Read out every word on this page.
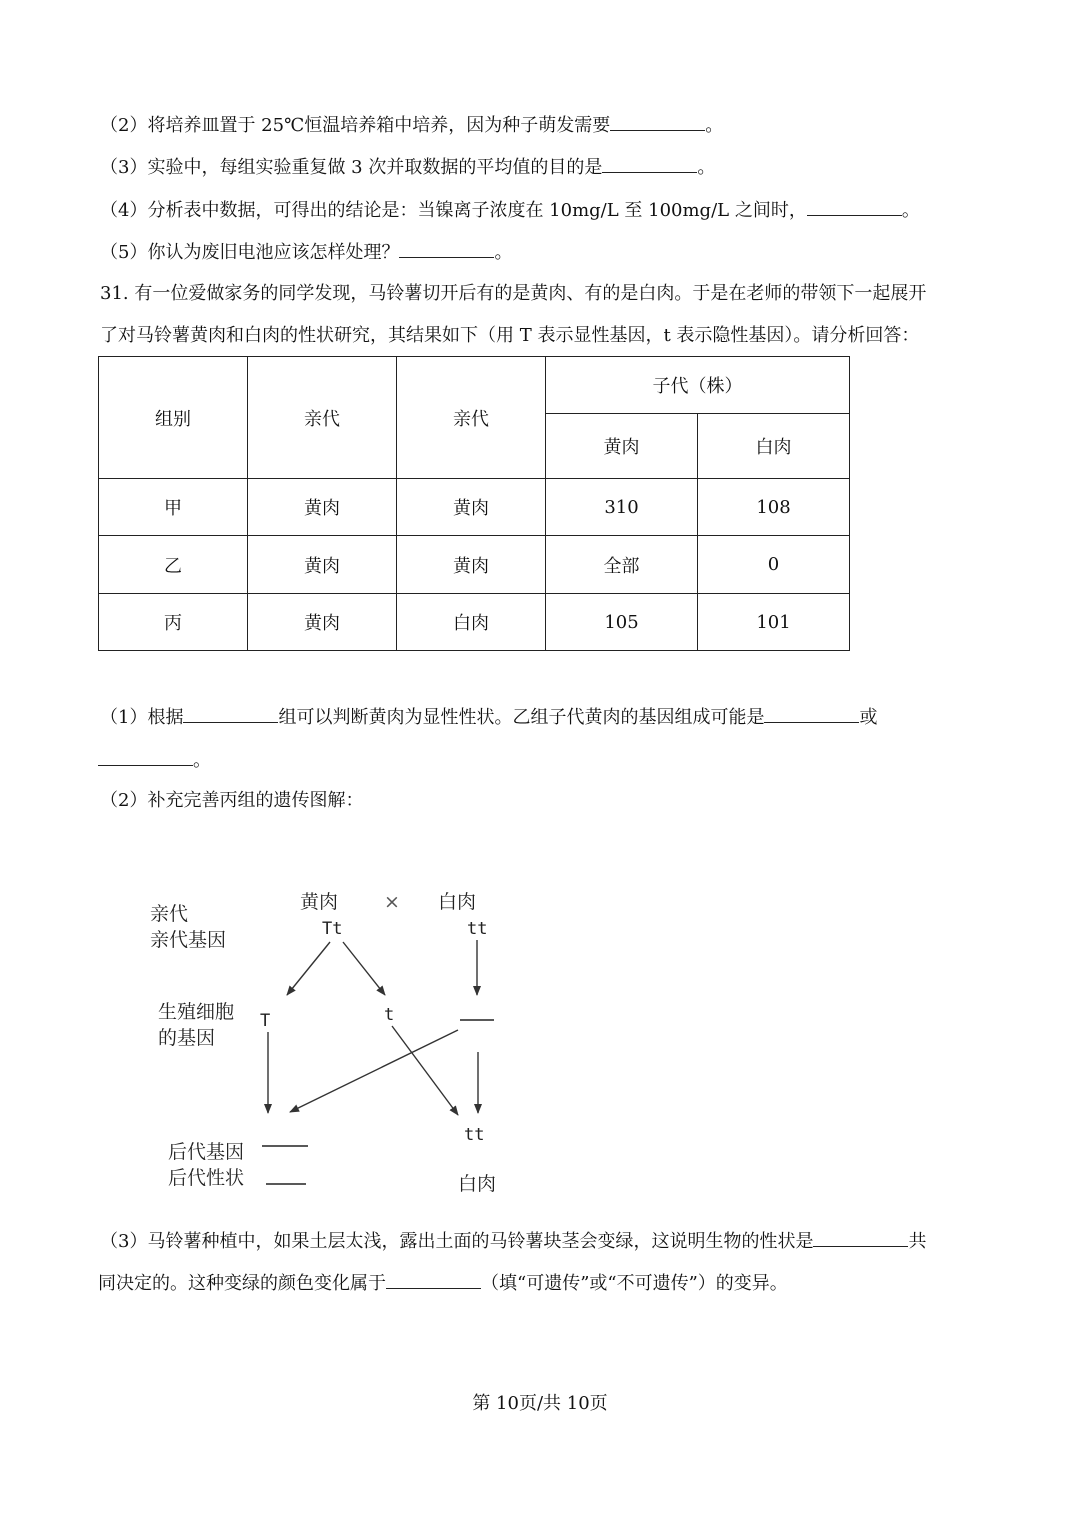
（2）将培养皿置于 25℃恒温培养箱中培养，因为种子萌发需要	。
（3）实验中，每组实验重复做 3 次并取数据的平均值的目的是	。
（4）分析表中数据，可得出的结论是：当镍离子浓度在 10mg/L 至 100mg/L 之间时，	。
（5）你认为废旧电池应该怎样处理？	。
31. 有一位爱做家务的同学发现，马铃薯切开后有的是黄肉、有的是白肉。于是在老师的带领下一起展开
了对马铃薯黄肉和白肉的性状研究，其结果如下（用 T 表示显性基因，t 表示隐性基因）。请分析回答：
组别	亲代	亲代	子代（株）	
			黄肉	白肉
甲	黄肉	黄肉	310	108
乙	黄肉	黄肉	全部	0
丙	黄肉	白肉	105	101
（1）根据	组可以判断黄肉为显性性状。乙组子代黄肉的基因组成可能是	或
。
（2）补充完善丙组的遗传图解：
亲代
亲代基因
生殖细胞
的基因
后代基因
后代性状
黄肉 × 白肉
Tt	tt
T	t
tt
白肉
（3）马铃薯种植中，如果土层太浅，露出土面的马铃薯块茎会变绿，这说明生物的性状是	共
同决定的。这种变绿的颜色变化属于	（填“可遗传”或“不可遗传”）的变异。
第 10页/共 10页
